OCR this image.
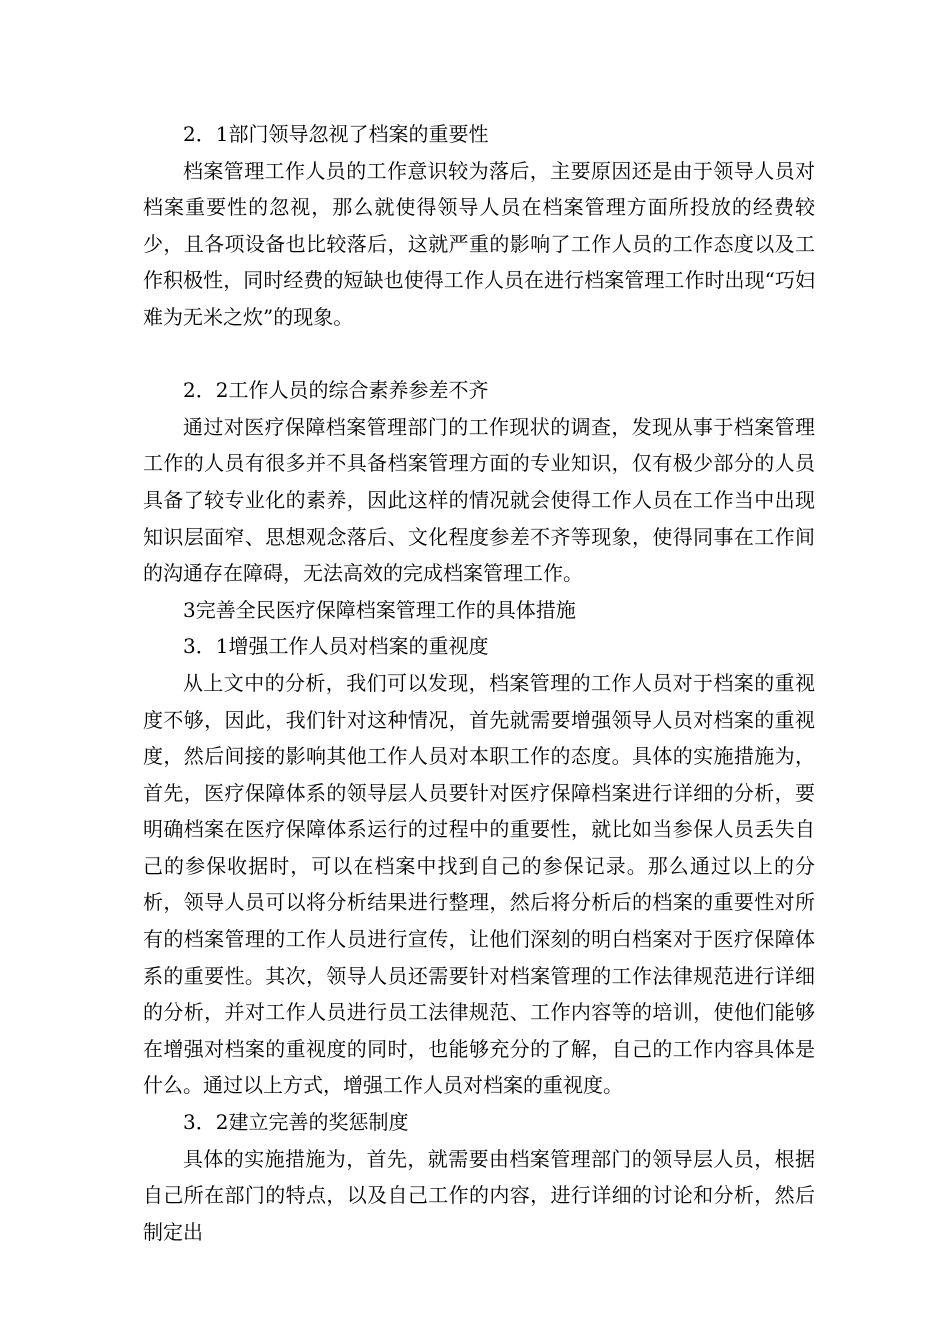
2．1部门领导忽视了档案的重要性

档案管理工作人员的工作意识较为落后，主要原因还是由于领导人员对档案重要性的忽视，那么就使得领导人员在档案管理方面所投放的经费较少，且各项设备也比较落后，这就严重的影响了工作人员的工作态度以及工作积极性，同时经费的短缺也使得工作人员在进行档案管理工作时出现“巧妇难为无米之炊”的现象。

2．2工作人员的综合素养参差不齐

通过对医疗保障档案管理部门的工作现状的调查，发现从事于档案管理工作的人员有很多并不具备档案管理方面的专业知识，仅有极少部分的人员具备了较专业化的素养，因此这样的情况就会使得工作人员在工作当中出现知识层面窄、思想观念落后、文化程度参差不齐等现象，使得同事在工作间的沟通存在障碍，无法高效的完成档案管理工作。

3完善全民医疗保障档案管理工作的具体措施

3．1增强工作人员对档案的重视度

从上文中的分析，我们可以发现，档案管理的工作人员对于档案的重视度不够，因此，我们针对这种情况，首先就需要增强领导人员对档案的重视度，然后间接的影响其他工作人员对本职工作的态度。具体的实施措施为，首先，医疗保障体系的领导层人员要针对医疗保障档案进行详细的分析，要明确档案在医疗保障体系运行的过程中的重要性，就比如当参保人员丢失自己的参保收据时，可以在档案中找到自己的参保记录。那么通过以上的分析，领导人员可以将分析结果进行整理，然后将分析后的档案的重要性对所有的档案管理的工作人员进行宣传，让他们深刻的明白档案对于医疗保障体系的重要性。其次，领导人员还需要针对档案管理的工作法律规范进行详细的分析，并对工作人员进行员工法律规范、工作内容等的培训，使他们能够在增强对档案的重视度的同时，也能够充分的了解，自己的工作内容具体是什么。通过以上方式，增强工作人员对档案的重视度。

3．2建立完善的奖惩制度

具体的实施措施为，首先，就需要由档案管理部门的领导层人员，根据自己所在部门的特点，以及自己工作的内容，进行详细的讨论和分析，然后制定出
